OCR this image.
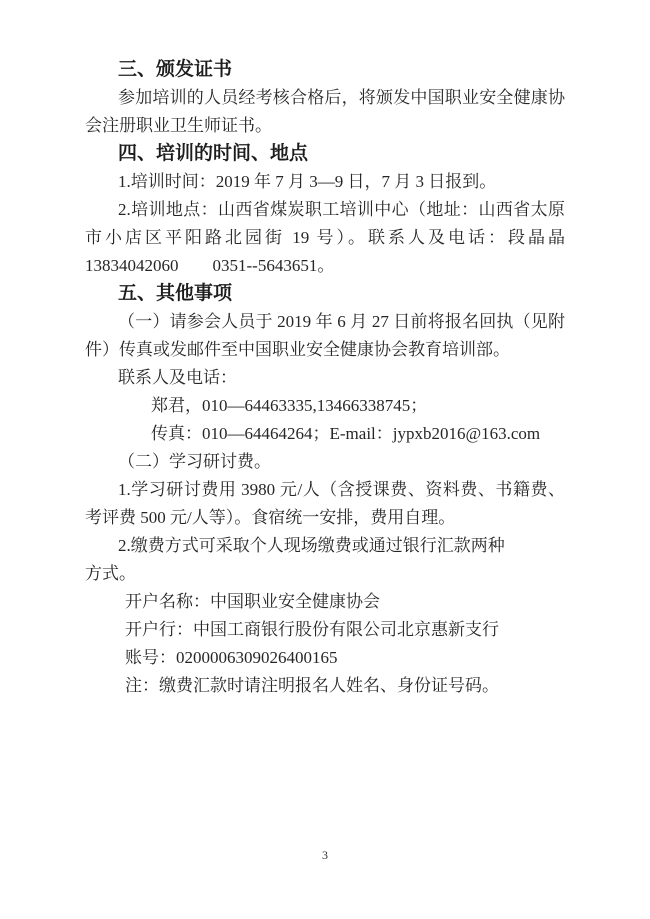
三、颁发证书
参加培训的人员经考核合格后，将颁发中国职业安全健康协
会注册职业卫生师证书。
四、培训的时间、地点
1.培训时间：2019 年 7 月 3—9 日，7 月 3 日报到。
2.培训地点：山西省煤炭职工培训中心（地址：山西省太原
市小店区平阳路北园街 19 号）。联系人及电话：段晶晶
13834042060　　0351--5643651。
五、其他事项
（一）请参会人员于 2019 年 6 月 27 日前将报名回执（见附
件）传真或发邮件至中国职业安全健康协会教育培训部。
联系人及电话：
郑君，010—64463335,13466338745；
传真：010—64464264；E-mail：jypxb2016@163.com
（二）学习研讨费。
1.学习研讨费用 3980 元/人（含授课费、资料费、书籍费、
考评费 500 元/人等）。食宿统一安排，费用自理。
2.缴费方式可采取个人现场缴费或通过银行汇款两种
方式。
开户名称：中国职业安全健康协会
开户行：中国工商银行股份有限公司北京惠新支行
账号：0200006309026400165
注：缴费汇款时请注明报名人姓名、身份证号码。
3
